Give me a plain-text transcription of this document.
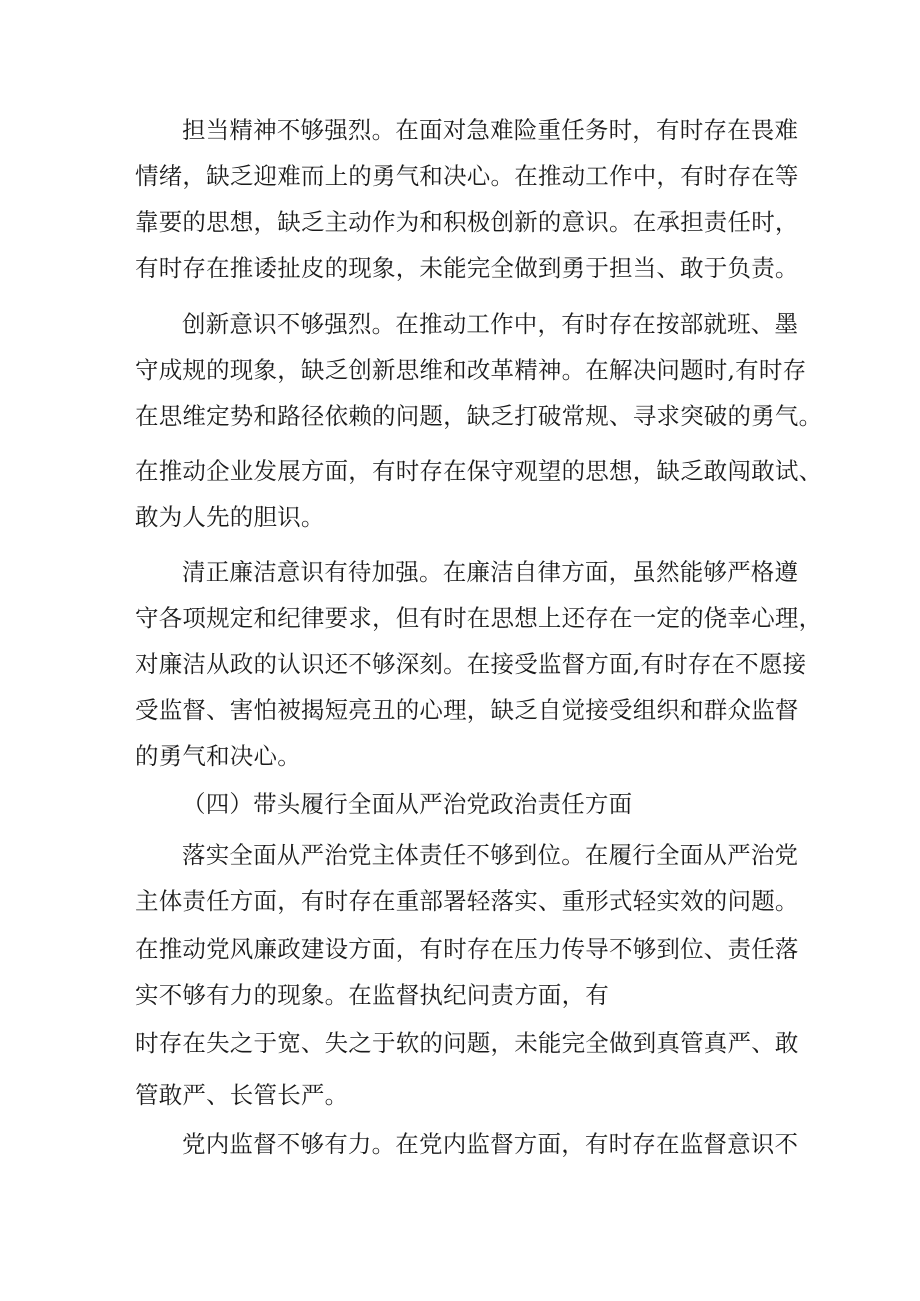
担当精神不够强烈。在面对急难险重任务时，有时存在畏难
情绪，缺乏迎难而上的勇气和决心。在推动工作中，有时存在等
靠要的思想，缺乏主动作为和积极创新的意识。在承担责任时，
有时存在推诿扯皮的现象，未能完全做到勇于担当、敢于负责。
创新意识不够强烈。在推动工作中，有时存在按部就班、墨
守成规的现象，缺乏创新思维和改革精神。在解决问题时,有时存
在思维定势和路径依赖的问题，缺乏打破常规、寻求突破的勇气。
在推动企业发展方面，有时存在保守观望的思想，缺乏敢闯敢试、
敢为人先的胆识。
清正廉洁意识有待加强。在廉洁自律方面，虽然能够严格遵
守各项规定和纪律要求，但有时在思想上还存在一定的侥幸心理，
对廉洁从政的认识还不够深刻。在接受监督方面,有时存在不愿接
受监督、害怕被揭短亮丑的心理，缺乏自觉接受组织和群众监督
的勇气和决心。
（四）带头履行全面从严治党政治责任方面
落实全面从严治党主体责任不够到位。在履行全面从严治党
主体责任方面，有时存在重部署轻落实、重形式轻实效的问题。
在推动党风廉政建设方面，有时存在压力传导不够到位、责任落
实不够有力的现象。在监督执纪问责方面，有
时存在失之于宽、失之于软的问题，未能完全做到真管真严、敢
管敢严、长管长严。
党内监督不够有力。在党内监督方面，有时存在监督意识不
